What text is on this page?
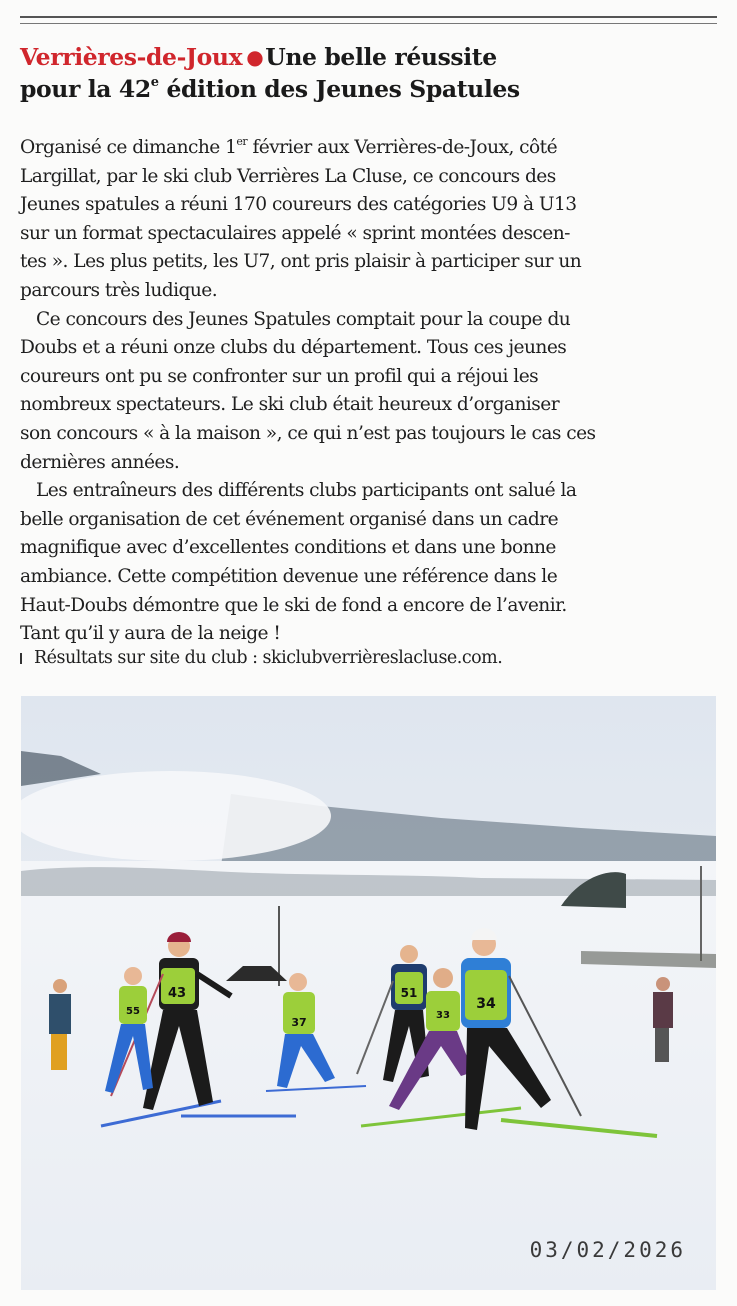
Verrières-de-Joux ●Une belle réussite
pour la 42e édition des Jeunes Spatules

Organisé ce dimanche 1er février aux Verrières-de-Joux, côté
Largillat, par le ski club Verrières La Cluse, ce concours des
Jeunes spatules a réuni 170 coureurs des catégories U9 à U13
sur un format spectaculaires appelé « sprint montées descen-
tes ». Les plus petits, les U7, ont pris plaisir à participer sur un
parcours très ludique.

Ce concours des Jeunes Spatules comptait pour la coupe du
Doubs et a réuni onze clubs du département. Tous ces jeunes
coureurs ont pu se confronter sur un profil qui a réjoui les
nombreux spectateurs. Le ski club était heureux d’organiser
son concours « à la maison », ce qui n’est pas toujours le cas ces
dernières années.

Les entraîneurs des différents clubs participants ont salué la
belle organisation de cet événement organisé dans un cadre
magnifique avec d’excellentes conditions et dans une bonne
ambiance. Cette compétition devenue une référence dans le
Haut-Doubs démontre que le ski de fond a encore de l’avenir.
Tant qu’il y aura de la neige !

Résultats sur site du club : skiclubverrièreslacluse.com.
43	51
37
34
55	33
03/02/2026
